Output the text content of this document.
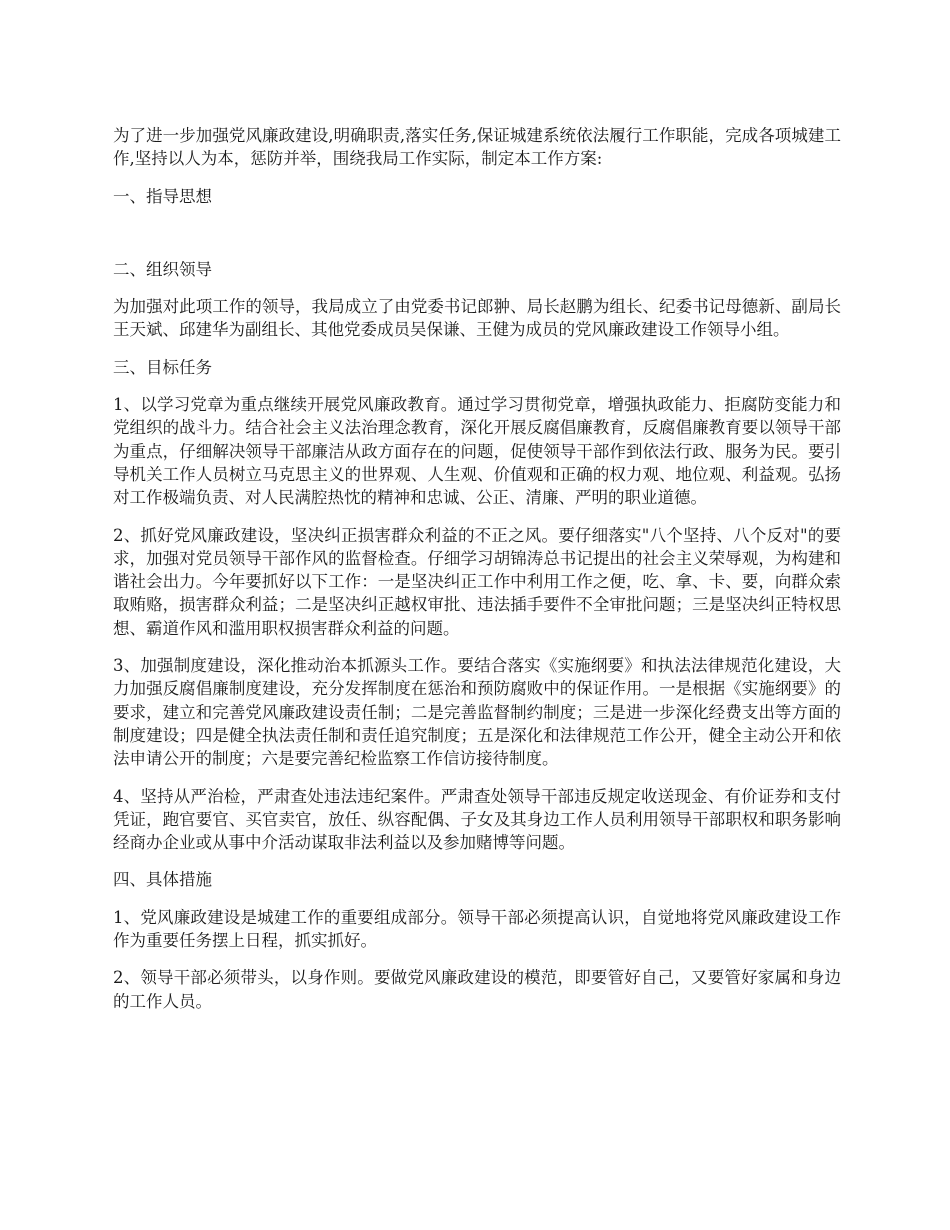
为了进一步加强党风廉政建设,明确职责,落实任务,保证城建系统依法履行工作职能，完成各项城建工作,坚持以人为本，惩防并举，围绕我局工作实际，制定本工作方案:

一、指导思想

二、组织领导

为加强对此项工作的领导，我局成立了由党委书记郎翀、局长赵鹏为组长、纪委书记母德新、副局长王天斌、邱建华为副组长、其他党委成员吴保谦、王健为成员的党风廉政建设工作领导小组。

三、目标任务

1、以学习党章为重点继续开展党风廉政教育。通过学习贯彻党章，增强执政能力、拒腐防变能力和党组织的战斗力。结合社会主义法治理念教育，深化开展反腐倡廉教育，反腐倡廉教育要以领导干部为重点，仔细解决领导干部廉洁从政方面存在的问题，促使领导干部作到依法行政、服务为民。要引导机关工作人员树立马克思主义的世界观、人生观、价值观和正确的权力观、地位观、利益观。弘扬对工作极端负责、对人民满腔热忱的精神和忠诚、公正、清廉、严明的职业道德。

2、抓好党风廉政建设，坚决纠正损害群众利益的不正之风。要仔细落实"八个坚持、八个反对"的要求，加强对党员领导干部作风的监督检查。仔细学习胡锦涛总书记提出的社会主义荣辱观，为构建和谐社会出力。今年要抓好以下工作：一是坚决纠正工作中利用工作之便，吃、拿、卡、要，向群众索取贿赂，损害群众利益；二是坚决纠正越权审批、违法插手要件不全审批问题；三是坚决纠正特权思想、霸道作风和滥用职权损害群众利益的问题。

3、加强制度建设，深化推动治本抓源头工作。要结合落实《实施纲要》和执法法律规范化建设，大力加强反腐倡廉制度建设，充分发挥制度在惩治和预防腐败中的保证作用。一是根据《实施纲要》的要求，建立和完善党风廉政建设责任制；二是完善监督制约制度；三是进一步深化经费支出等方面的制度建设；四是健全执法责任制和责任追究制度；五是深化和法律规范工作公开，健全主动公开和依法申请公开的制度；六是要完善纪检监察工作信访接待制度。

4、坚持从严治检，严肃查处违法违纪案件。严肃查处领导干部违反规定收送现金、有价证券和支付凭证，跑官要官、买官卖官，放任、纵容配偶、子女及其身边工作人员利用领导干部职权和职务影响经商办企业或从事中介活动谋取非法利益以及参加赌博等问题。

四、具体措施

1、党风廉政建设是城建工作的重要组成部分。领导干部必须提高认识，自觉地将党风廉政建设工作作为重要任务摆上日程，抓实抓好。

2、领导干部必须带头，以身作则。要做党风廉政建设的模范，即要管好自己，又要管好家属和身边的工作人员。
